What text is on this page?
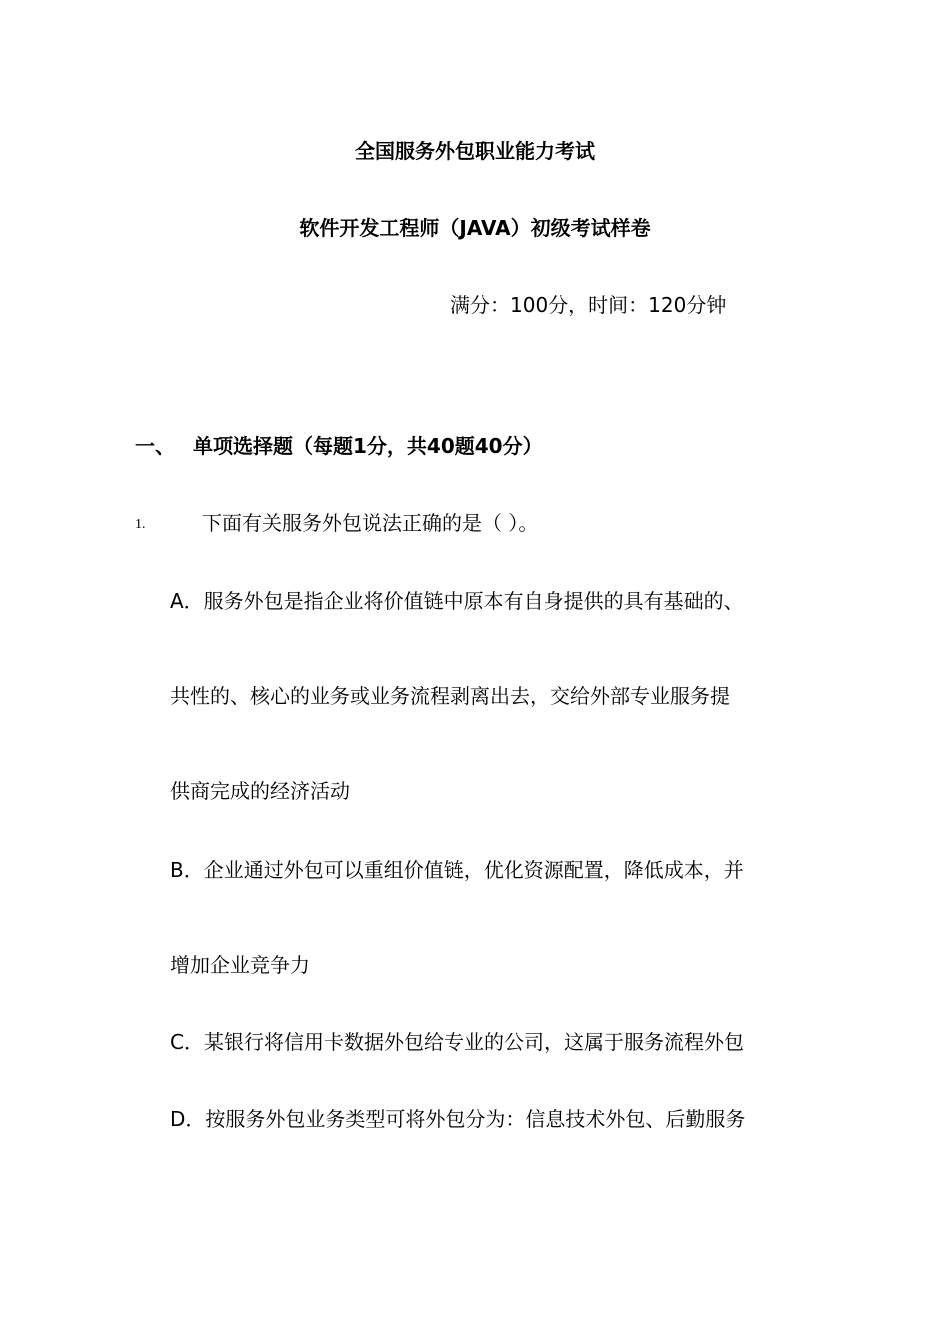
全国服务外包职业能力考试
软件开发工程师（JAVA）初级考试样卷
满分：100分，时间：120分钟
一、 单项选择题（每题1分，共40题40分）
1.	下面有关服务外包说法正确的是（ ）。
A．服务外包是指企业将价值链中原本有自身提供的具有基础的、
共性的、核心的业务或业务流程剥离出去，交给外部专业服务提
供商完成的经济活动
B．企业通过外包可以重组价值链，优化资源配置，降低成本，并
增加企业竞争力
C．某银行将信用卡数据外包给专业的公司，这属于服务流程外包
D．按服务外包业务类型可将外包分为：信息技术外包、后勤服务
